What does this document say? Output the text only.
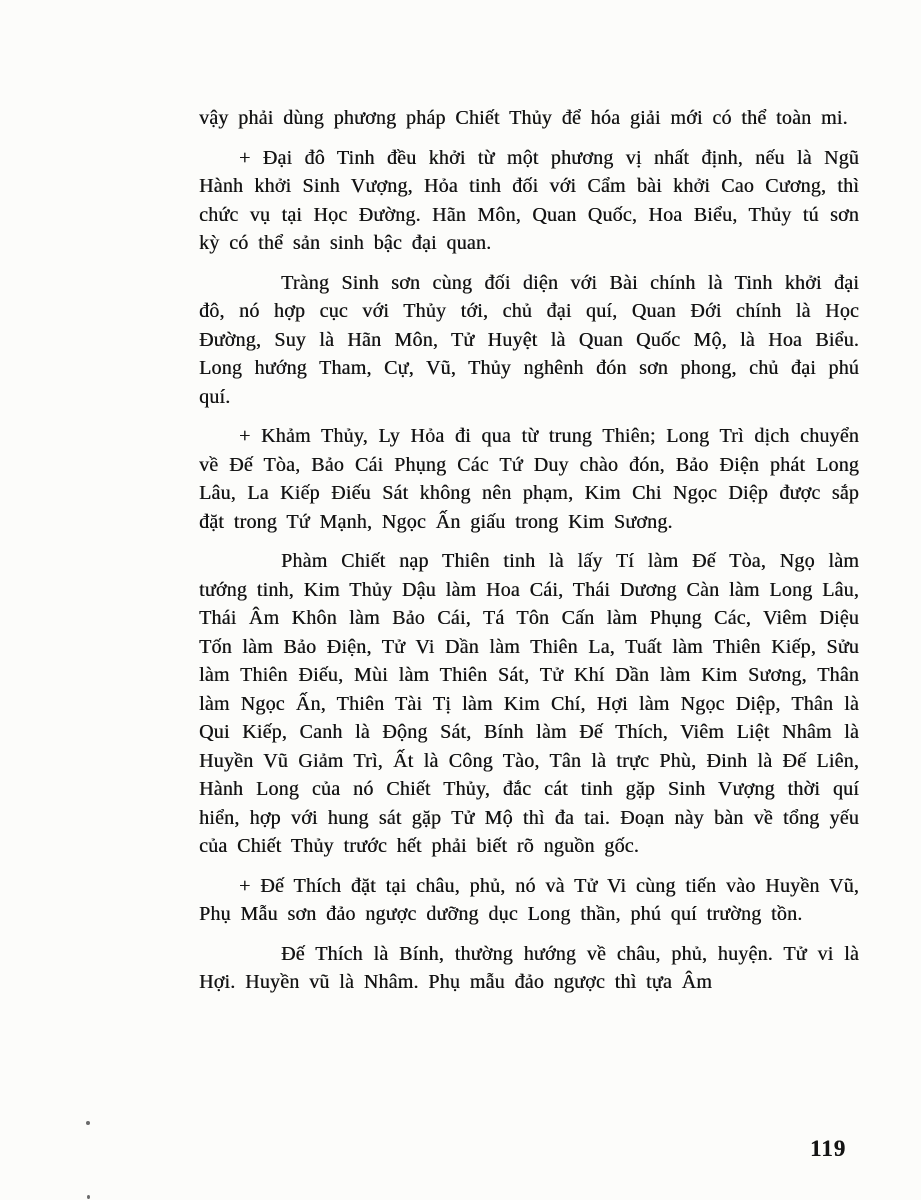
vậy phải dùng phương pháp Chiết Thủy để hóa giải mới có thể toàn mi.

+ Đại đô Tinh đều khởi từ một phương vị nhất định, nếu là Ngũ Hành khởi Sinh Vượng, Hỏa tinh đối với Cẩm bài khởi Cao Cương, thì chức vụ tại Học Đường. Hãn Môn, Quan Quốc, Hoa Biểu, Thủy tú sơn kỳ có thể sản sinh bậc đại quan.

Tràng Sinh sơn cùng đối diện với Bài chính là Tinh khởi đại đô, nó hợp cục với Thủy tới, chủ đại quí, Quan Đới chính là Học Đường, Suy là Hãn Môn, Tử Huyệt là Quan Quốc Mộ, là Hoa Biểu. Long hướng Tham, Cự, Vũ, Thủy nghênh đón sơn phong, chủ đại phú quí.

+ Khảm Thủy, Ly Hỏa đi qua từ trung Thiên; Long Trì dịch chuyển về Đế Tòa, Bảo Cái Phụng Các Tứ Duy chào đón, Bảo Điện phát Long Lâu, La Kiếp Điếu Sát không nên phạm, Kim Chi Ngọc Diệp được sắp đặt trong Tứ Mạnh, Ngọc Ấn giấu trong Kim Sương.

Phàm Chiết nạp Thiên tinh là lấy Tí làm Đế Tòa, Ngọ làm tướng tinh, Kim Thủy Dậu làm Hoa Cái, Thái Dương Càn làm Long Lâu, Thái Âm Khôn làm Bảo Cái, Tá Tôn Cấn làm Phụng Các, Viêm Diệu Tốn làm Bảo Điện, Tử Vi Dần làm Thiên La, Tuất làm Thiên Kiếp, Sửu làm Thiên Điếu, Mùi làm Thiên Sát, Tử Khí Dần làm Kim Sương, Thân làm Ngọc Ấn, Thiên Tài Tị làm Kim Chí, Hợi làm Ngọc Diệp, Thân là Qui Kiếp, Canh là Động Sát, Bính làm Đế Thích, Viêm Liệt Nhâm là Huyền Vũ Giảm Trì, Ất là Công Tào, Tân là trực Phù, Đinh là Đế Liên, Hành Long của nó Chiết Thủy, đắc cát tinh gặp Sinh Vượng thời quí hiển, hợp với hung sát gặp Tử Mộ thì đa tai. Đoạn này bàn về tổng yếu của Chiết Thủy trước hết phải biết rõ nguồn gốc.

+ Đế Thích đặt tại châu, phủ, nó và Tử Vi cùng tiến vào Huyền Vũ, Phụ Mẫu sơn đảo ngược dưỡng dục Long thần, phú quí trường tồn.

Đế Thích là Bính, thường hướng về châu, phủ, huyện. Tử vi là Hợi. Huyền vũ là Nhâm. Phụ mẫu đảo ngược thì tựa Âm

119
